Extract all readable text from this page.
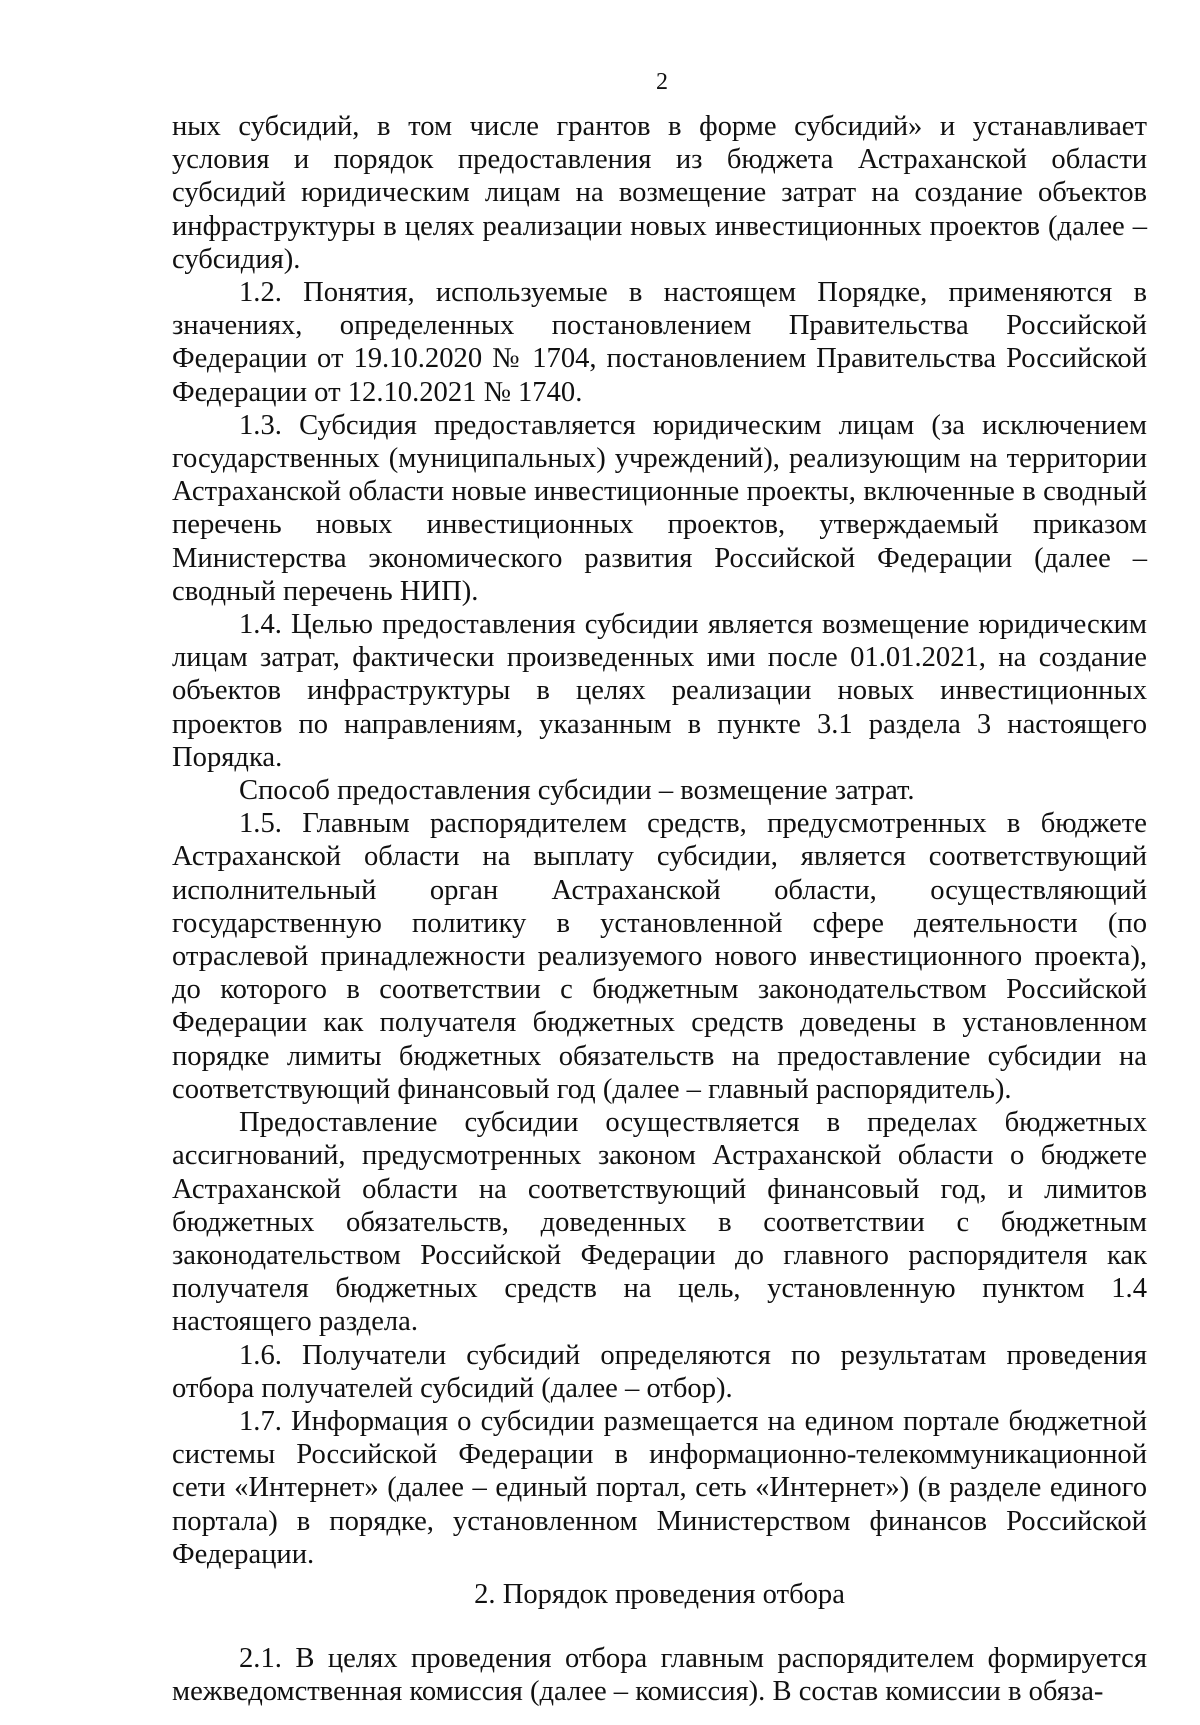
2

ных субсидий, в том числе грантов в форме субсидий» и устанавливает условия и порядок предоставления из бюджета Астраханской области субсидий юридическим лицам на возмещение затрат на создание объектов инфраструктуры в целях реализации новых инвестиционных проектов (далее – субсидия).

1.2. Понятия, используемые в настоящем Порядке, применяются в значениях, определенных постановлением Правительства Российской Федерации от 19.10.2020 № 1704, постановлением Правительства Российской Федерации от 12.10.2021 № 1740.

1.3. Субсидия предоставляется юридическим лицам (за исключением государственных (муниципальных) учреждений), реализующим на территории Астраханской области новые инвестиционные проекты, включенные в сводный перечень новых инвестиционных проектов, утверждаемый приказом Министерства экономического развития Российской Федерации (далее – сводный перечень НИП).

1.4. Целью предоставления субсидии является возмещение юридическим лицам затрат, фактически произведенных ими после 01.01.2021, на создание объектов инфраструктуры в целях реализации новых инвестиционных проектов по направлениям, указанным в пункте 3.1 раздела 3 настоящего Порядка.

Способ предоставления субсидии – возмещение затрат.

1.5. Главным распорядителем средств, предусмотренных в бюджете Астраханской области на выплату субсидии, является соответствующий исполнительный орган Астраханской области, осуществляющий государственную политику в установленной сфере деятельности (по отраслевой принадлежности реализуемого нового инвестиционного проекта), до которого в соответствии с бюджетным законодательством Российской Федерации как получателя бюджетных средств доведены в установленном порядке лимиты бюджетных обязательств на предоставление субсидии на соответствующий финансовый год (далее – главный распорядитель).

Предоставление субсидии осуществляется в пределах бюджетных ассигнований, предусмотренных законом Астраханской области о бюджете Астраханской области на соответствующий финансовый год, и лимитов бюджетных обязательств, доведенных в соответствии с бюджетным законодательством Российской Федерации до главного распорядителя как получателя бюджетных средств на цель, установленную пунктом 1.4 настоящего раздела.

1.6. Получатели субсидий определяются по результатам проведения отбора получателей субсидий (далее – отбор).

1.7. Информация о субсидии размещается на едином портале бюджетной системы Российской Федерации в информационно-телекоммуникационной сети «Интернет» (далее – единый портал, сеть «Интернет») (в разделе единого портала) в порядке, установленном Министерством финансов Российской Федерации.

2. Порядок проведения отбора

2.1. В целях проведения отбора главным распорядителем формируется межведомственная комиссия (далее – комиссия). В состав комиссии в обяза-
